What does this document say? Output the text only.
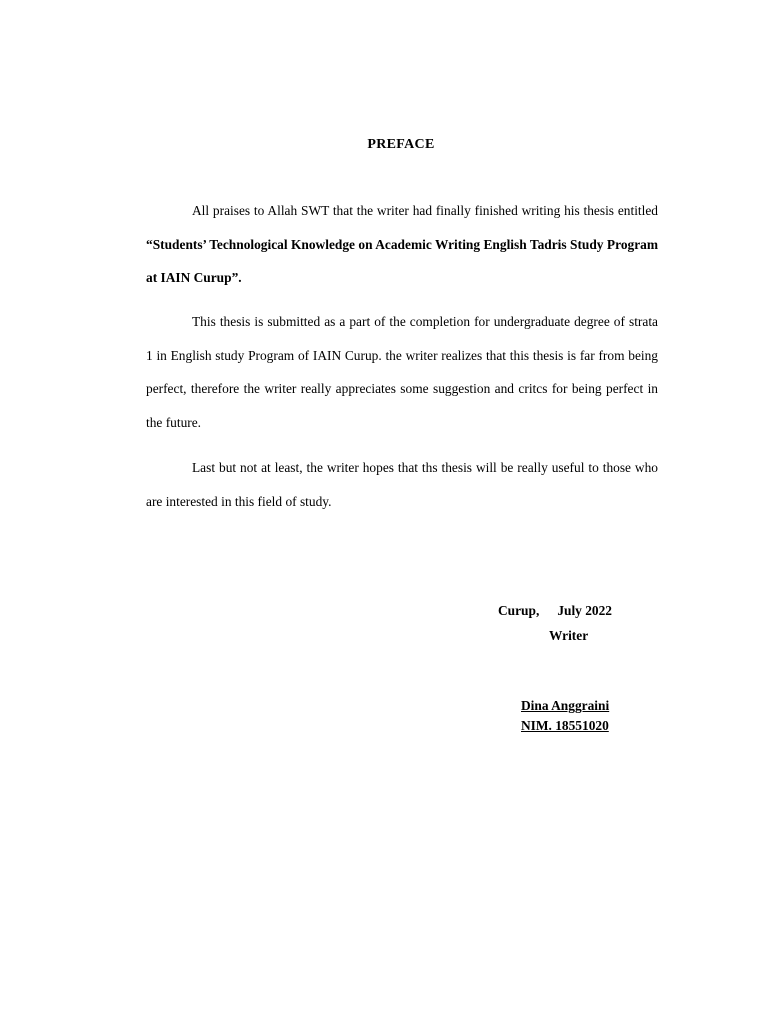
PREFACE

All praises to Allah SWT that the writer had finally finished writing his thesis entitled “Students’ Technological Knowledge on Academic Writing English Tadris Study Program at IAIN Curup”.

This thesis is submitted as a part of the completion for undergraduate degree of strata 1 in English study Program of IAIN Curup. the writer realizes that this thesis is far from being perfect, therefore the writer really appreciates some suggestion and critcs for being perfect in the future.

Last but not at least, the writer hopes that ths thesis will be really useful to those who are interested in this field of study.

Curup, July 2022
Writer
Dina Anggraini
NIM. 18551020
